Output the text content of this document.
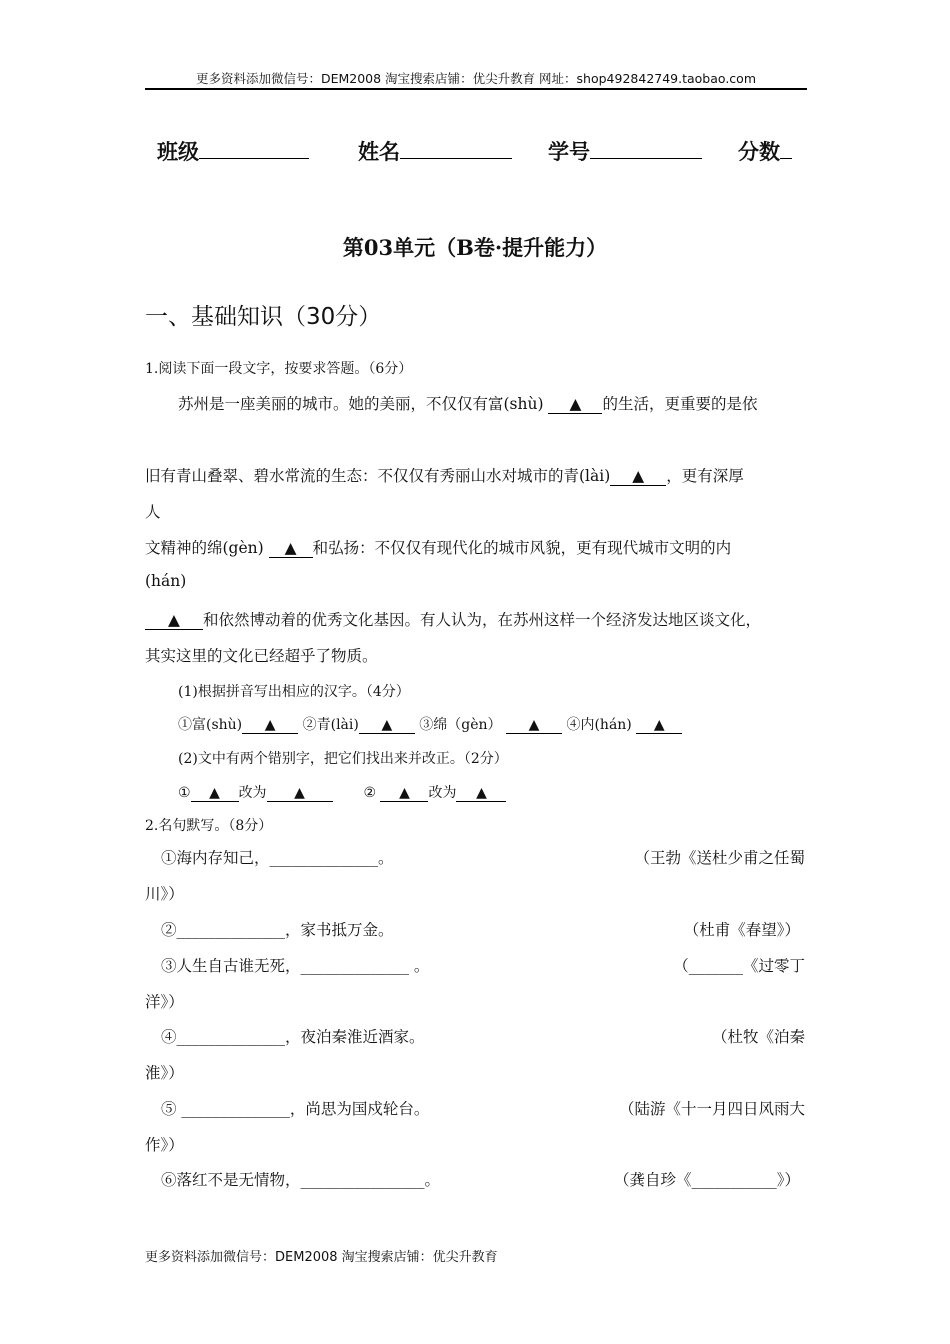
更多资料添加微信号：DEM2008 淘宝搜索店铺：优尖升教育 网址：shop492842749.taobao.com
班级	姓名	学号	分数
第03单元（B卷·提升能力）
一、基础知识（30分）
1.阅读下面一段文字，按要求答题。（6分）
苏州是一座美丽的城市。她的美丽，不仅仅有富(shù) ▲ 的生活，更重要的是依
旧有青山叠翠、碧水常流的生态：不仅仅有秀丽山水对城市的青(lài) ▲ ，更有深厚
人
文精神的绵(gèn) ▲ 和弘扬：不仅仅有现代化的城市风貌，更有现代城市文明的内
(hán)
▲ 和依然博动着的优秀文化基因。有人认为，在苏州这样一个经济发达地区谈文化，
其实这里的文化已经超乎了物质。
(1)根据拼音写出相应的汉字。（4分）
①富(shù) ▲ ②青(lài) ▲ ③绵（gèn） ▲ ④内(hán) ▲
(2)文中有两个错别字，把它们找出来并改正。（2分）
① ▲ 改为 ▲	② ▲ 改为 ▲
2.名句默写。（8分）
①海内存知己，______________。	（王勃《送杜少甫之任蜀
川》）
②______________，家书抵万金。	（杜甫《春望》）
③人生自古谁无死，______________ 。	（_______《过零丁
洋》）
④______________，夜泊秦淮近酒家。	（杜牧《泊秦
淮》）
⑤ ______________，尚思为国戍轮台。	（陆游《十一月四日风雨大
作》）
⑥落红不是无情物，________________。	（龚自珍《___________》）
更多资料添加微信号：DEM2008 淘宝搜索店铺：优尖升教育
